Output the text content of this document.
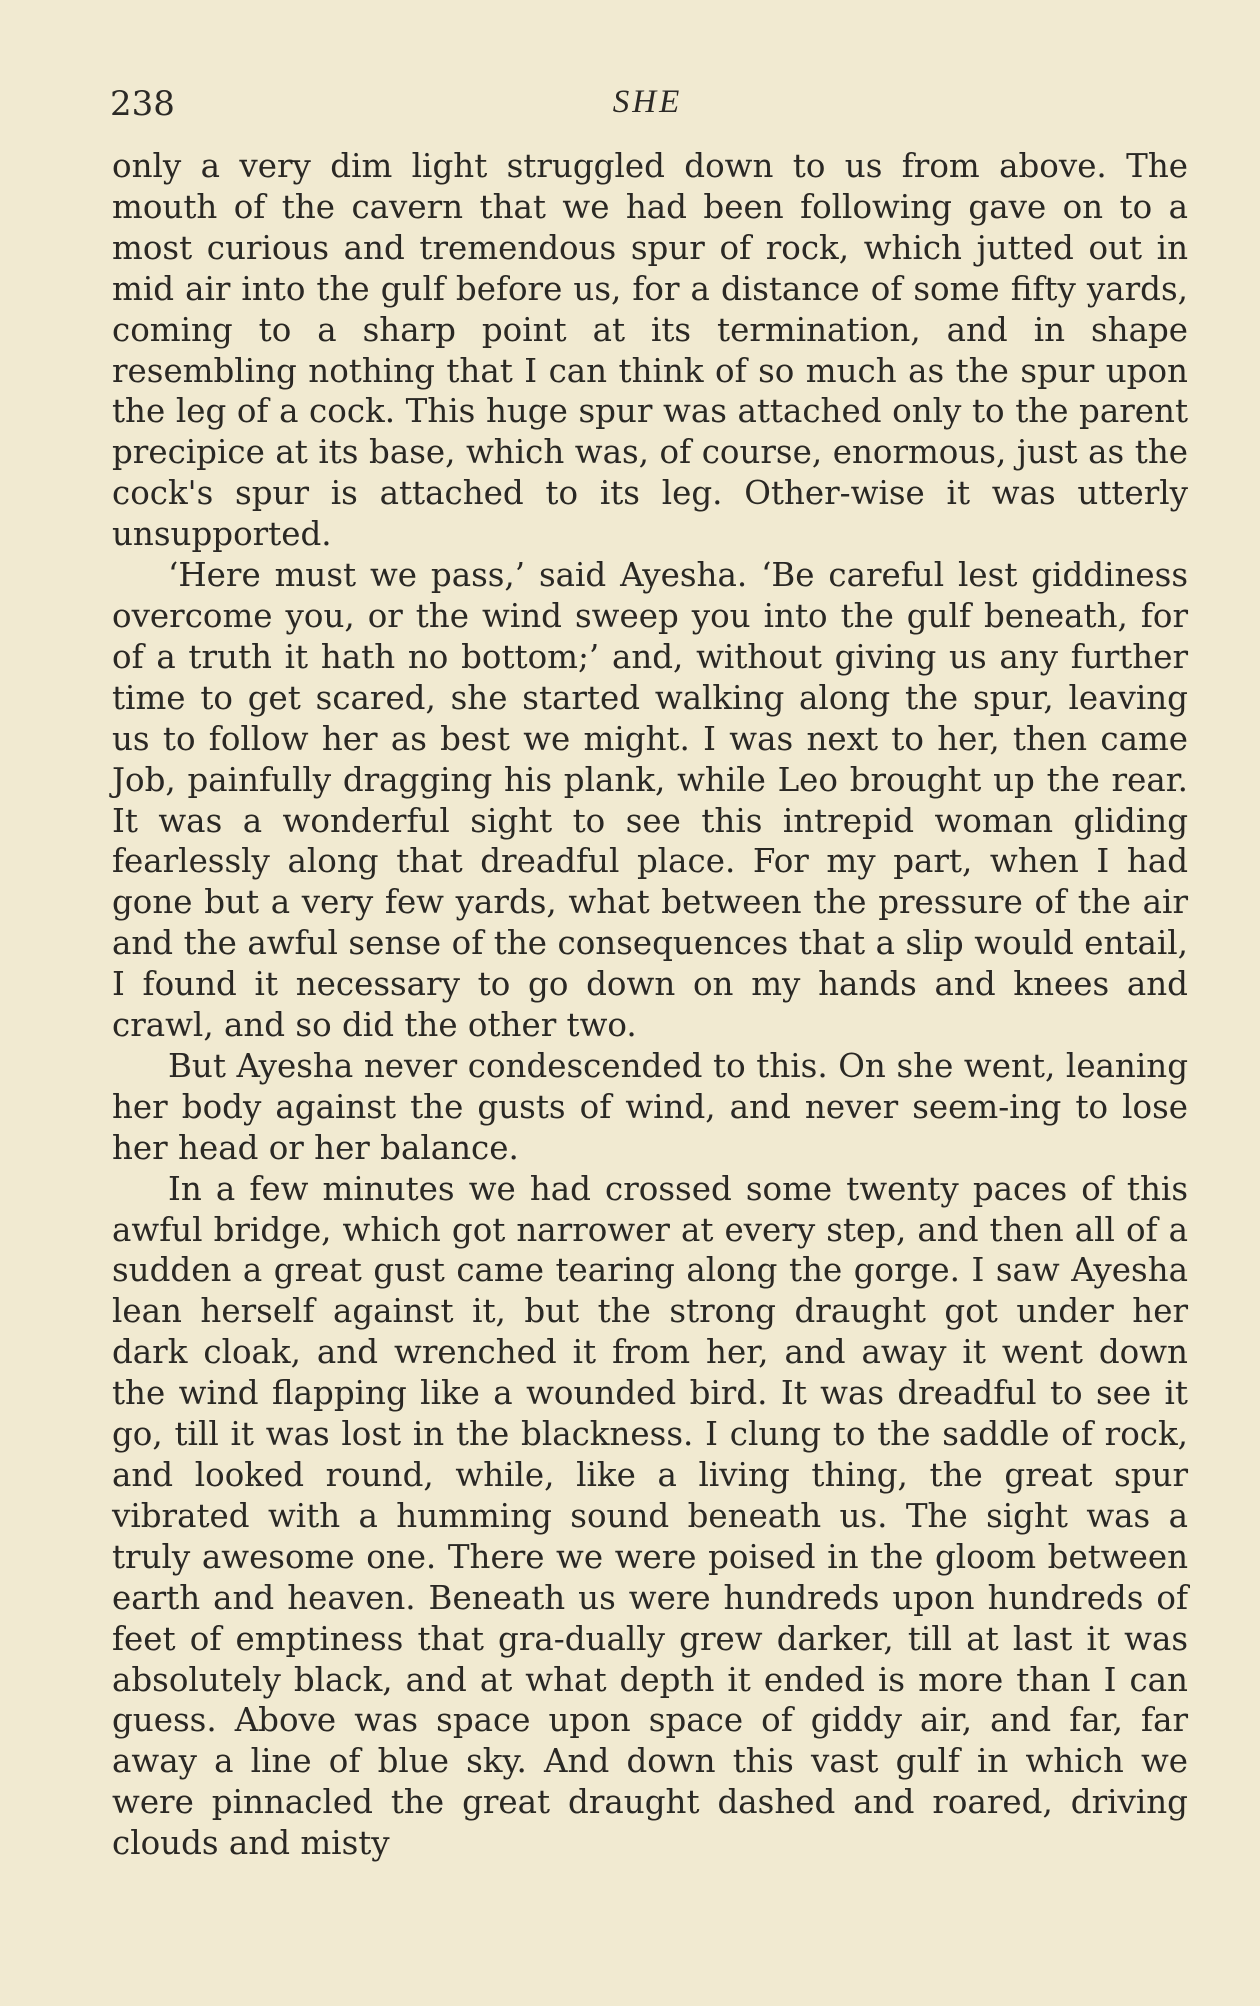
238	SHE

only a very dim light struggled down to us from above. The mouth of the cavern that we had been following gave on to a most curious and tremendous spur of rock, which jutted out in mid air into the gulf before us, for a distance of some fifty yards, coming to a sharp point at its termination, and in shape resembling nothing that I can think of so much as the spur upon the leg of a cock. This huge spur was attached only to the parent precipice at its base, which was, of course, enormous, just as the cock's spur is attached to its leg. Other-wise it was utterly unsupported.

‘Here must we pass,’ said Ayesha. ‘Be careful lest giddiness overcome you, or the wind sweep you into the gulf beneath, for of a truth it hath no bottom;’ and, without giving us any further time to get scared, she started walking along the spur, leaving us to follow her as best we might. I was next to her, then came Job, painfully dragging his plank, while Leo brought up the rear. It was a wonderful sight to see this intrepid woman gliding fearlessly along that dreadful place. For my part, when I had gone but a very few yards, what between the pressure of the air and the awful sense of the consequences that a slip would entail, I found it necessary to go down on my hands and knees and crawl, and so did the other two.

But Ayesha never condescended to this. On she went, leaning her body against the gusts of wind, and never seem-ing to lose her head or her balance.

In a few minutes we had crossed some twenty paces of this awful bridge, which got narrower at every step, and then all of a sudden a great gust came tearing along the gorge. I saw Ayesha lean herself against it, but the strong draught got under her dark cloak, and wrenched it from her, and away it went down the wind flapping like a wounded bird. It was dreadful to see it go, till it was lost in the blackness. I clung to the saddle of rock, and looked round, while, like a living thing, the great spur vibrated with a humming sound beneath us. The sight was a truly awesome one. There we were poised in the gloom between earth and heaven. Beneath us were hundreds upon hundreds of feet of emptiness that gra-dually grew darker, till at last it was absolutely black, and at what depth it ended is more than I can guess. Above was space upon space of giddy air, and far, far away a line of blue sky. And down this vast gulf in which we were pinnacled the great draught dashed and roared, driving clouds and misty
